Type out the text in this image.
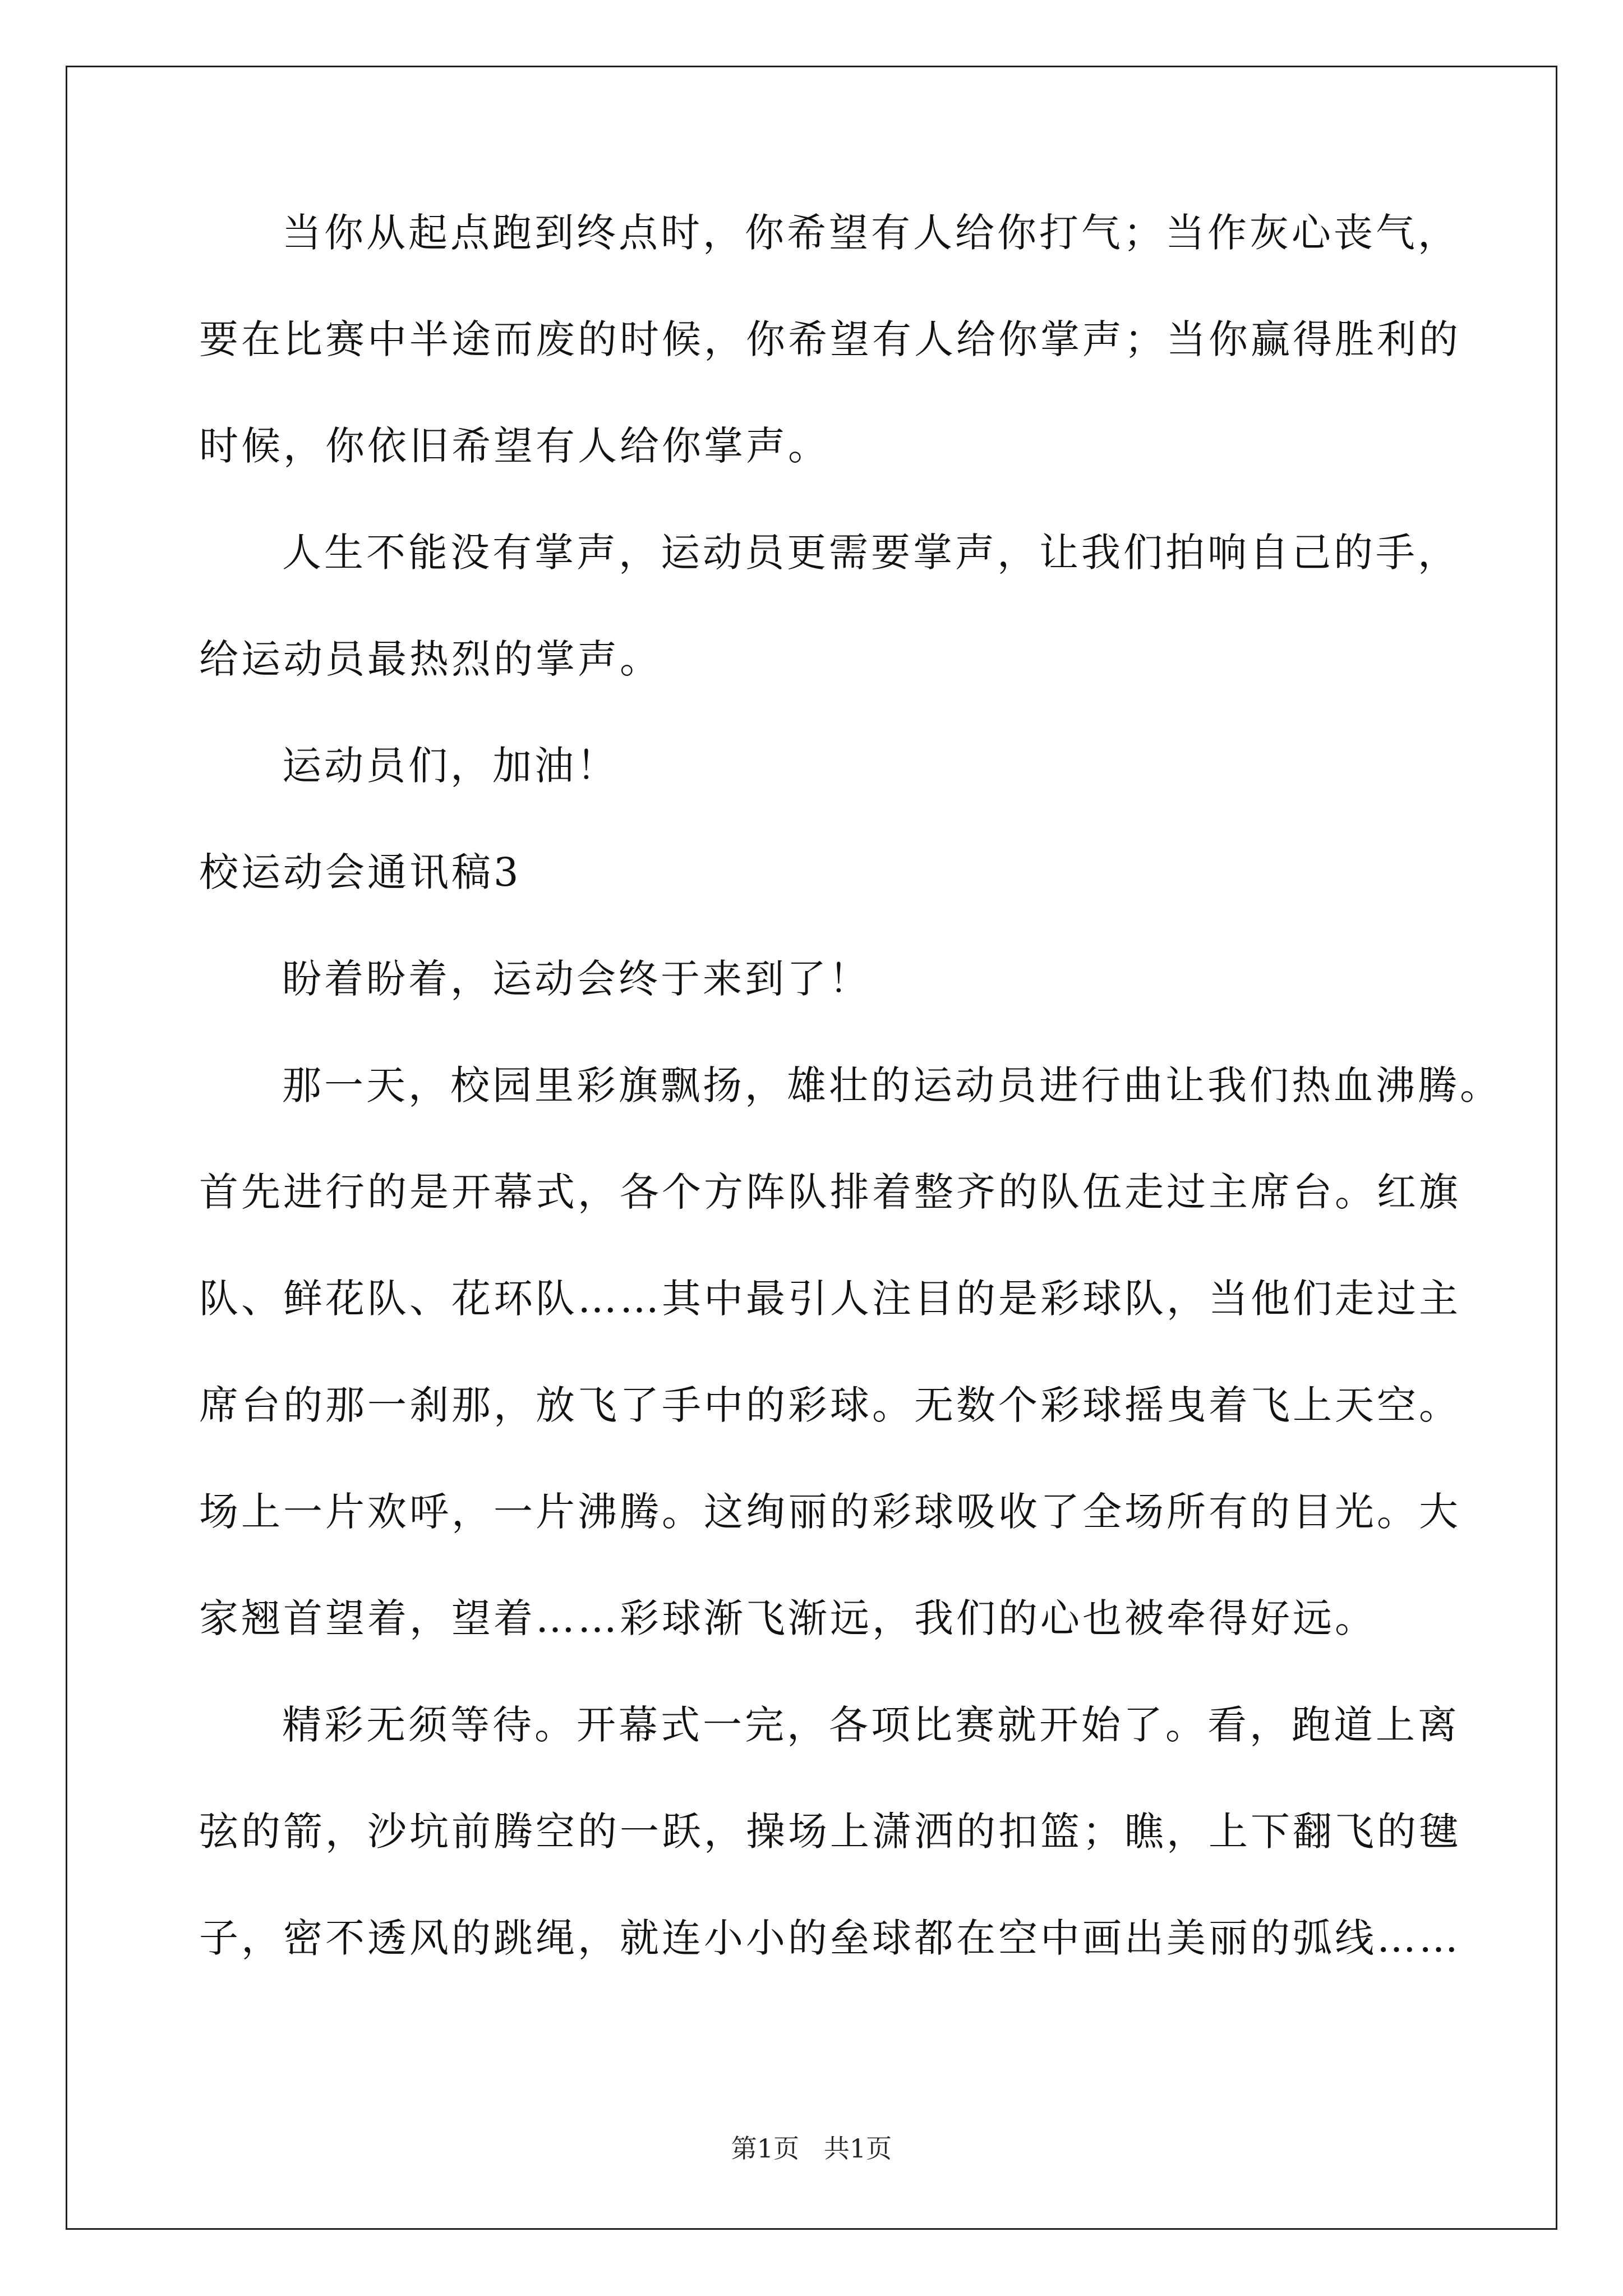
当你从起点跑到终点时，你希望有人给你打气；当作灰心丧气，
要在比赛中半途而废的时候，你希望有人给你掌声；当你赢得胜利的
时候，你依旧希望有人给你掌声。
人生不能没有掌声，运动员更需要掌声，让我们拍响自己的手，
给运动员最热烈的掌声。
运动员们，加油！
校运动会通讯稿3
盼着盼着，运动会终于来到了！
那一天，校园里彩旗飘扬，雄壮的运动员进行曲让我们热血沸腾。
首先进行的是开幕式，各个方阵队排着整齐的队伍走过主席台。红旗
队、鲜花队、花环队……其中最引人注目的是彩球队，当他们走过主
席台的那一刹那，放飞了手中的彩球。无数个彩球摇曳着飞上天空。
场上一片欢呼，一片沸腾。这绚丽的彩球吸收了全场所有的目光。大
家翘首望着，望着……彩球渐飞渐远，我们的心也被牵得好远。
精彩无须等待。开幕式一完，各项比赛就开始了。看，跑道上离
弦的箭，沙坑前腾空的一跃，操场上潇洒的扣篮；瞧，上下翻飞的毽
子，密不透风的跳绳，就连小小的垒球都在空中画出美丽的弧线……
第1页   共1页
